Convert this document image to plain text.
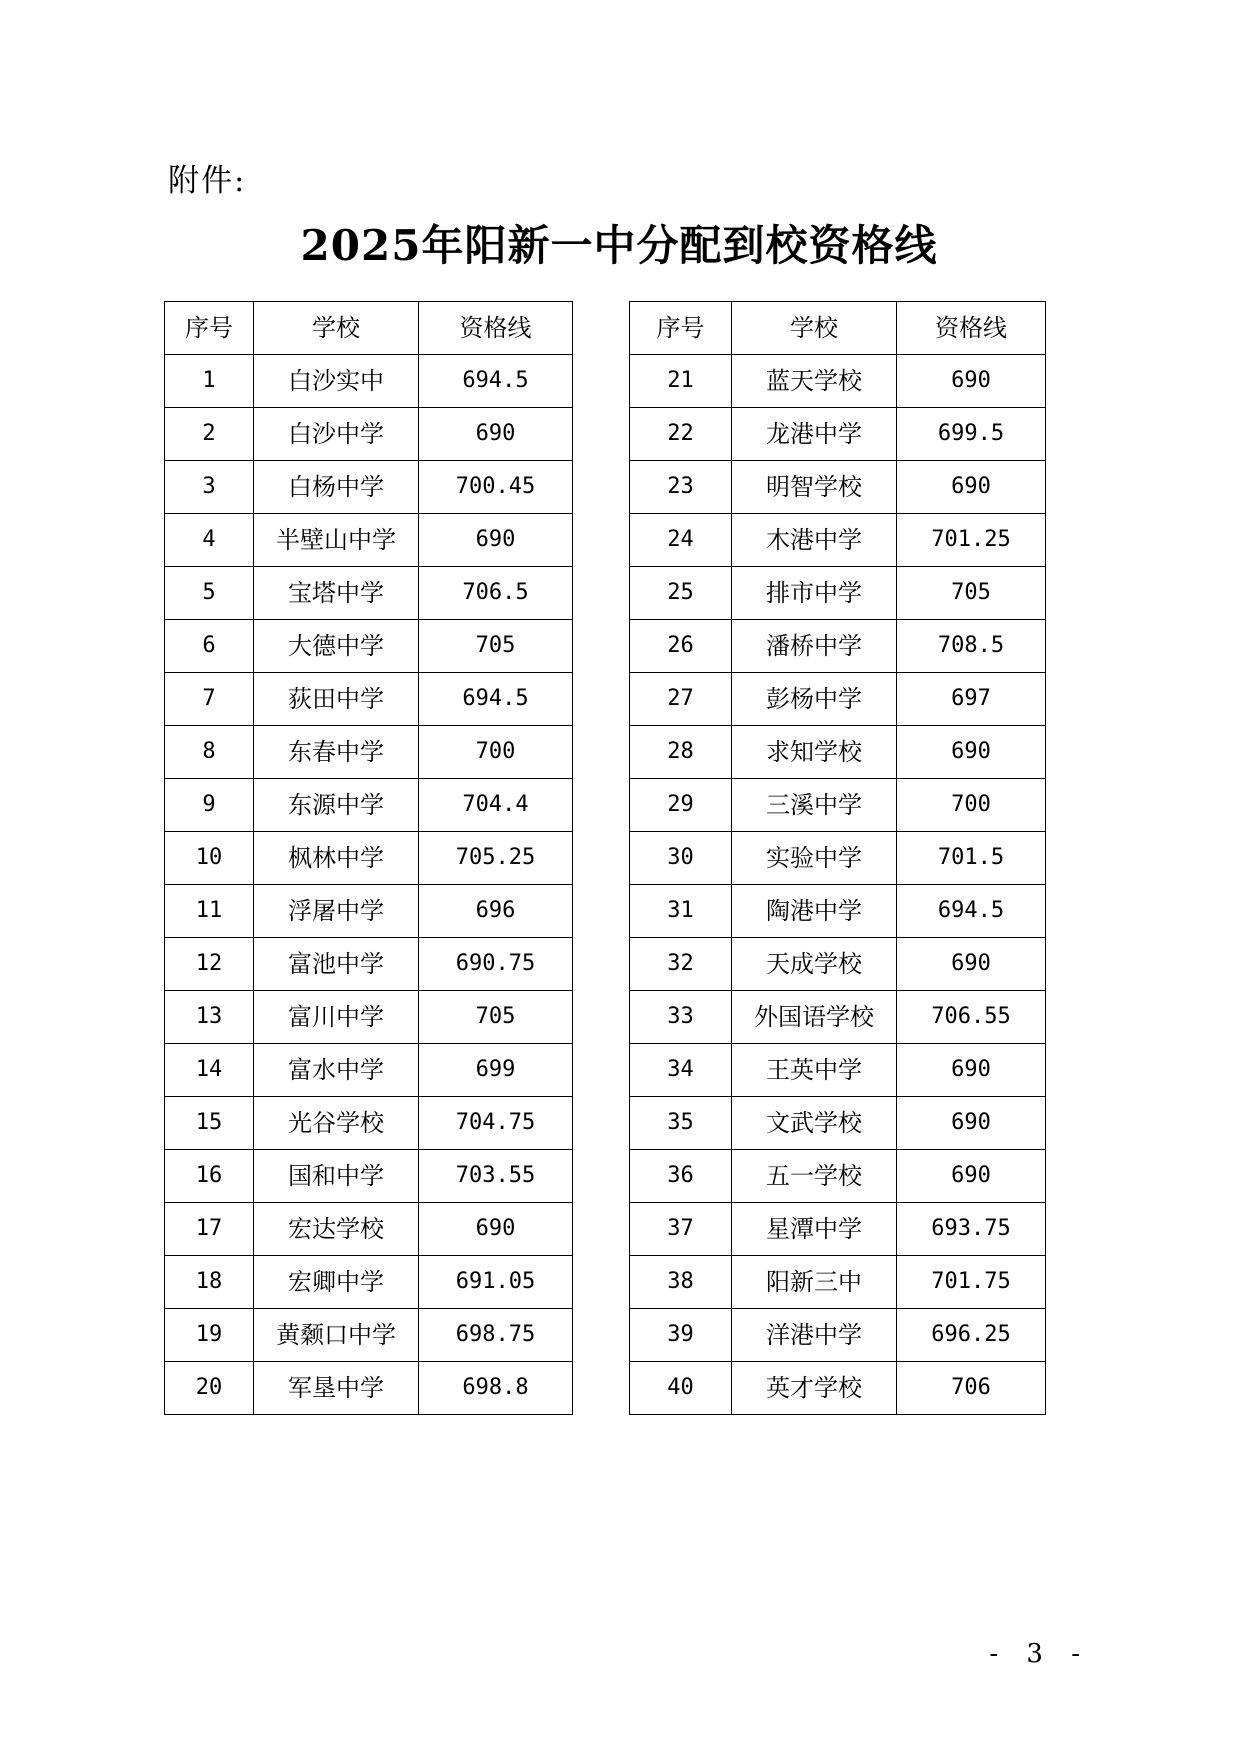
附件:
2025年阳新一中分配到校资格线
序号	学校	资格线
1	白沙实中	694.5
2	白沙中学	690
3	白杨中学	700.45
4	半壁山中学	690
5	宝塔中学	706.5
6	大德中学	705
7	荻田中学	694.5
8	东春中学	700
9	东源中学	704.4
10	枫林中学	705.25
11	浮屠中学	696
12	富池中学	690.75
13	富川中学	705
14	富水中学	699
15	光谷学校	704.75
16	国和中学	703.55
17	宏达学校	690
18	宏卿中学	691.05
19	黄颡口中学	698.75
20	军垦中学	698.8
序号	学校	资格线
21	蓝天学校	690
22	龙港中学	699.5
23	明智学校	690
24	木港中学	701.25
25	排市中学	705
26	潘桥中学	708.5
27	彭杨中学	697
28	求知学校	690
29	三溪中学	700
30	实验中学	701.5
31	陶港中学	694.5
32	天成学校	690
33	外国语学校	706.55
34	王英中学	690
35	文武学校	690
36	五一学校	690
37	星潭中学	693.75
38	阳新三中	701.75
39	洋港中学	696.25
40	英才学校	706
- 3 -
